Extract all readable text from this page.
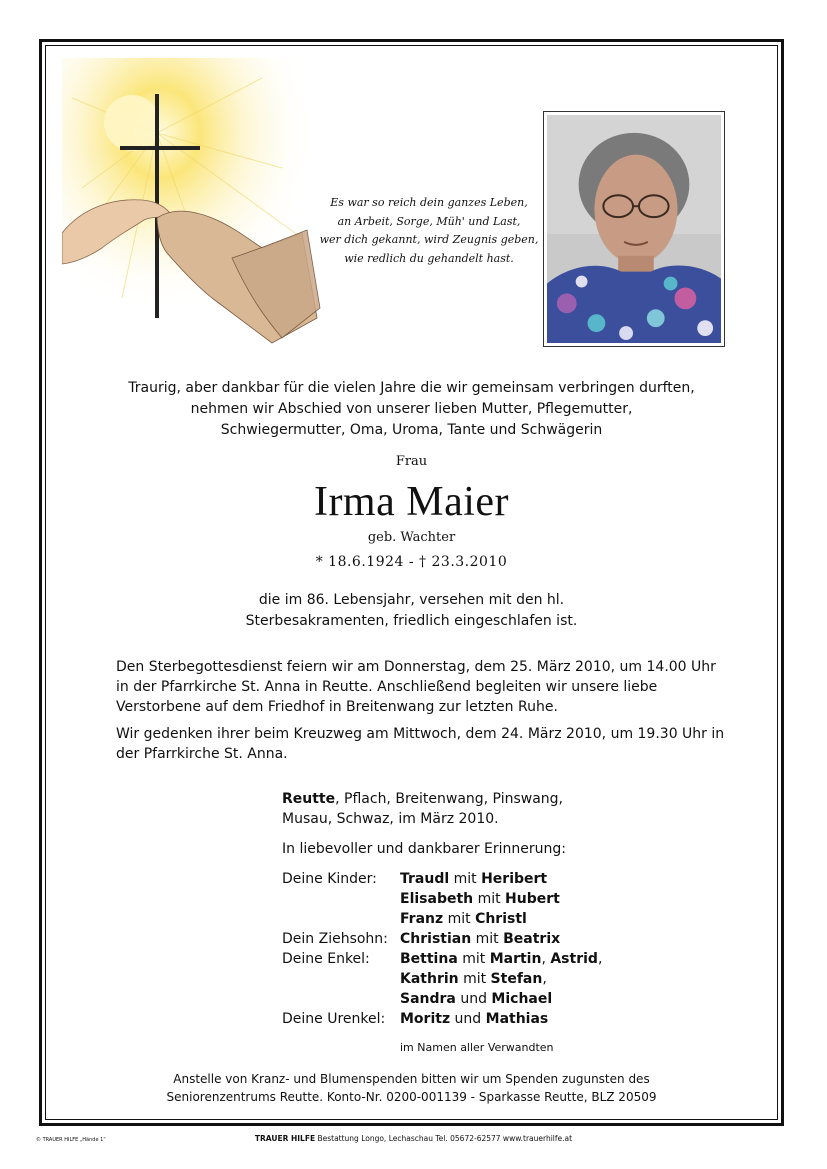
Es war so reich dein ganzes Leben,
an Arbeit, Sorge, Müh' und Last,
wer dich gekannt, wird Zeugnis geben,
wie redlich du gehandelt hast.
Traurig, aber dankbar für die vielen Jahre die wir gemeinsam verbringen durften,
nehmen wir Abschied von unserer lieben Mutter, Pflegemutter,
Schwiegermutter, Oma, Uroma, Tante und Schwägerin
Frau
Irma Maier
geb. Wachter
* 18.6.1924 - † 23.3.2010
die im 86. Lebensjahr, versehen mit den hl.
Sterbesakramenten, friedlich eingeschlafen ist.
Den Sterbegottesdienst feiern wir am Donnerstag, dem 25. März 2010, um 14.00 Uhr in der Pfarrkirche St. Anna in Reutte. Anschließend begleiten wir unsere liebe Verstorbene auf dem Friedhof in Breitenwang zur letzten Ruhe.
Wir gedenken ihrer beim Kreuzweg am Mittwoch, dem 24. März 2010, um 19.30 Uhr in der Pfarrkirche St. Anna.
Reutte, Pflach, Breitenwang, Pinswang,
Musau, Schwaz, im März 2010.
In liebevoller und dankbarer Erinnerung:
Deine Kinder:	Traudl mit Heribert
Elisabeth mit Hubert
Franz mit Christl
Dein Ziehsohn: Christian mit Beatrix
Deine Enkel:	Bettina mit Martin, Astrid,
Kathrin mit Stefan,
Sandra und Michael
Deine Urenkel:	Moritz und Mathias
im Namen aller Verwandten
Anstelle von Kranz- und Blumenspenden bitten wir um Spenden zugunsten des
Seniorenzentrums Reutte. Konto-Nr. 0200-001139 - Sparkasse Reutte, BLZ 20509
© TRAUER HILFE „Hände 1“	TRAUER HILFE Bestattung Longo, Lechaschau Tel. 05672-62577 www.trauerhilfe.at
